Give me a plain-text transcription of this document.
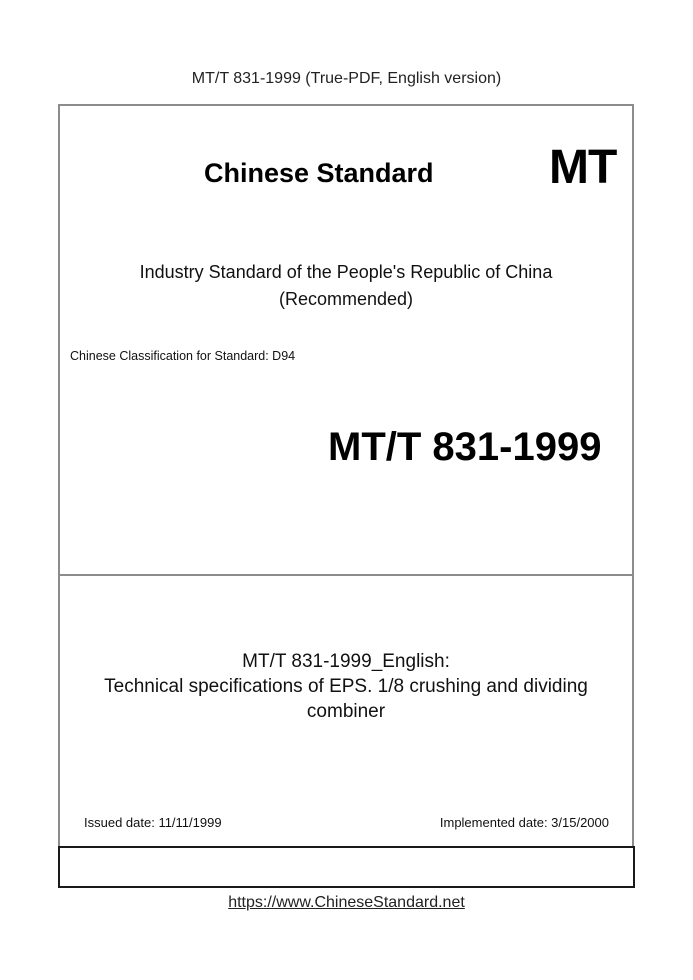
MT/T 831-1999 (True-PDF, English version)
Chinese Standard MT
Industry Standard of the People's Republic of China
(Recommended)
Chinese Classification for Standard: D94
MT/T 831-1999
MT/T 831-1999_English:
Technical specifications of EPS. 1/8 crushing and dividing
combiner
Issued date: 11/11/1999	Implemented date: 3/15/2000
https://www.ChineseStandard.net
